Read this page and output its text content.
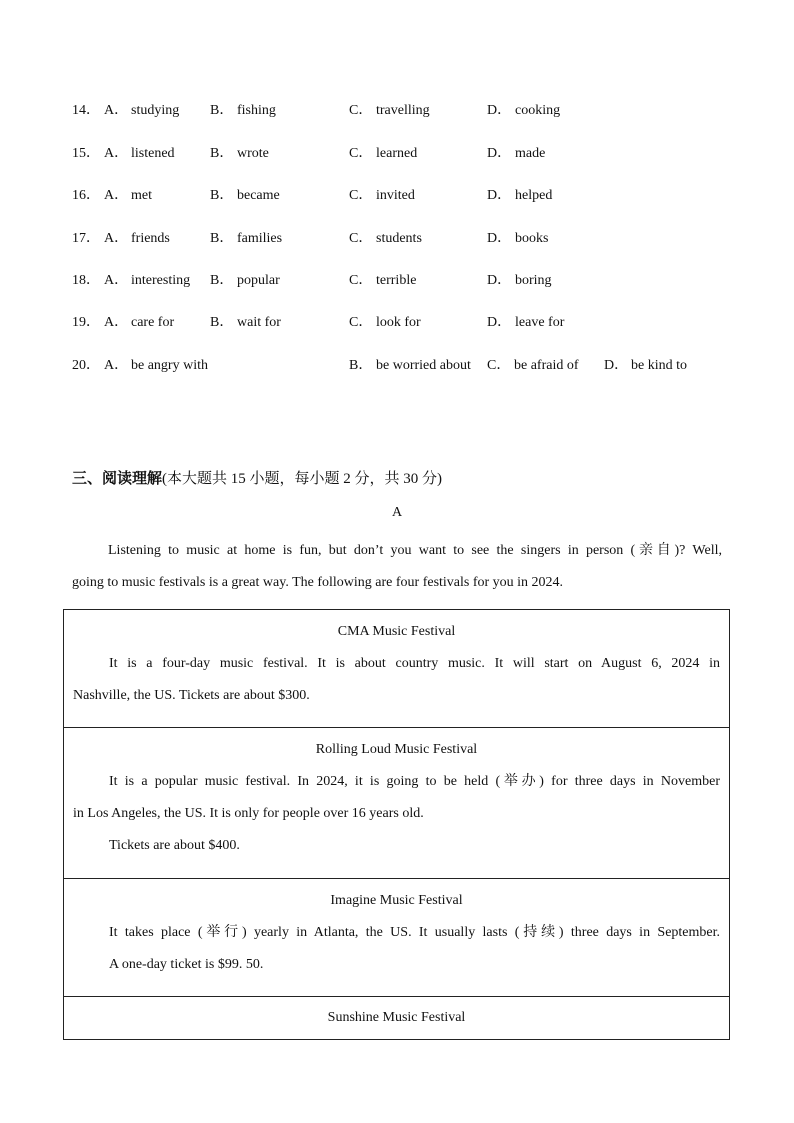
14． A． studying B． fishing	C． travelling	D． cooking
15． A． listened	B． wrote	C． learned	D． made
16． A． met	B． became	C． invited	D． helped
17． A． friends	B． families	C． students	D． books
18． A． interesting B． popular	C． terrible	D． boring
19． A． care for	B． wait for	C． look for	D． leave for
20． A． be angry with	B． be worried about C． be afraid of D． be kind to
三、阅读理解(本大题共 15 小题，每小题 2 分，共 30 分)
A
Listening to music at home is fun, but don’t you want to see the singers in person (亲自)? Well,
going to music festivals is a great way. The following are four festivals for you in 2024.
CMA Music Festival
It is a four-day music festival. It is about country music. It will start on August 6, 2024 in
Nashville, the US. Tickets are about $300.

Rolling Loud Music Festival
It is a popular music festival. In 2024, it is going to be held (举办) for three days in November
in Los Angeles, the US. It is only for people over 16 years old.
Tickets are about $400.

Imagine Music Festival
It takes place (举行) yearly in Atlanta, the US. It usually lasts (持续) three days in September.
A one-day ticket is $99. 50.

Sunshine Music Festival
